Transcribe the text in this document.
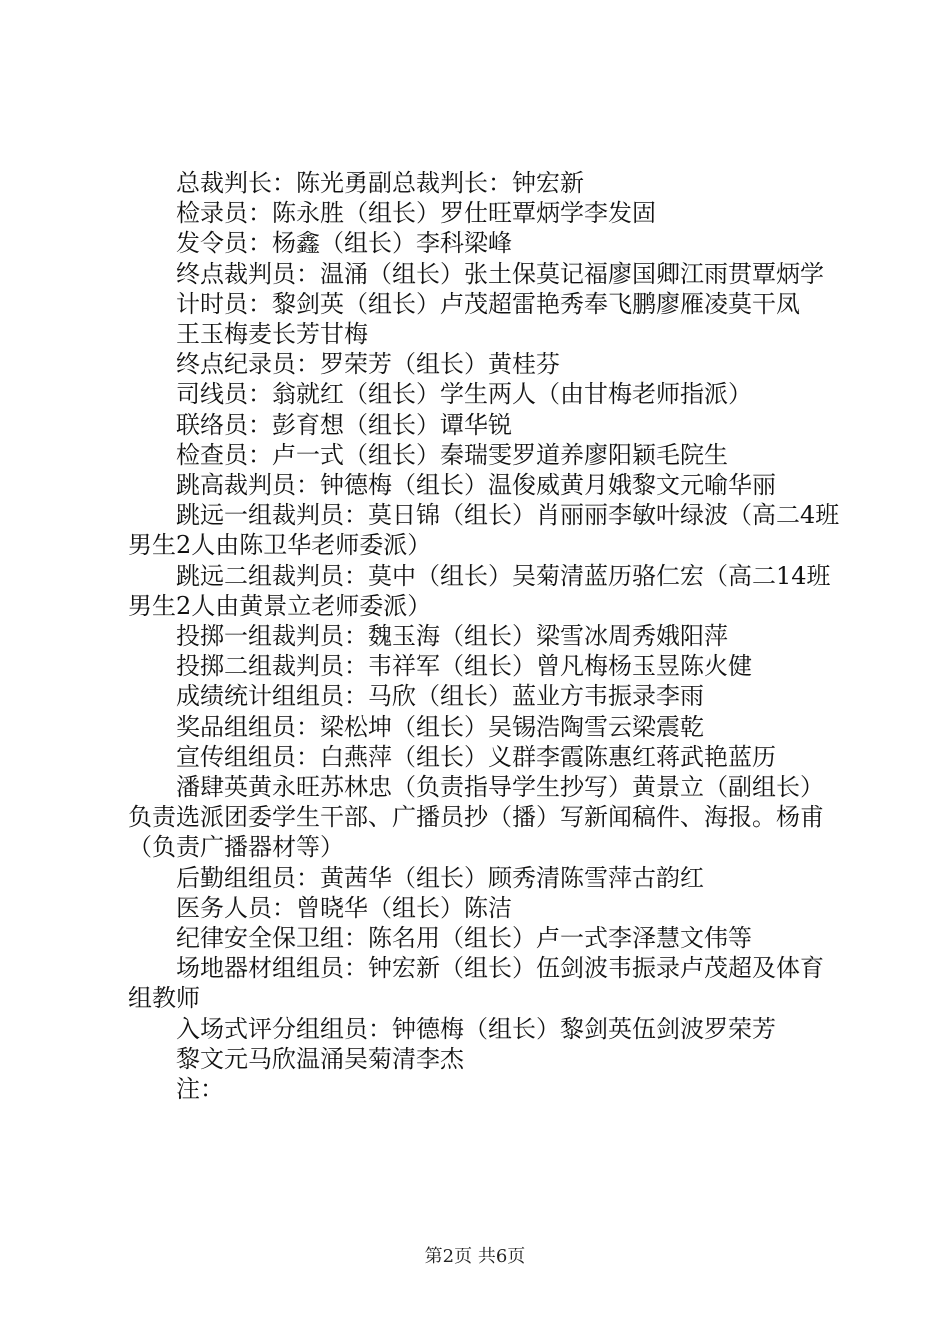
总裁判长：陈光勇副总裁判长：钟宏新

检录员：陈永胜（组长）罗仕旺覃炳学李发固

发令员：杨鑫（组长）李科梁峰

终点裁判员：温涌（组长）张土保莫记福廖国卿江雨贯覃炳学

计时员：黎剑英（组长）卢茂超雷艳秀奉飞鹏廖雁凌莫干凤

王玉梅麦长芳甘梅

终点纪录员：罗荣芳（组长）黄桂芬

司线员：翁就红（组长）学生两人（由甘梅老师指派）

联络员：彭育想（组长）谭华锐

检查员：卢一式（组长）秦瑞雯罗道养廖阳颖毛院生

跳高裁判员：钟德梅（组长）温俊威黄月娥黎文元喻华丽

跳远一组裁判员：莫日锦（组长）肖丽丽李敏叶绿波（高二4班男生2人由陈卫华老师委派）

跳远二组裁判员：莫中（组长）吴菊清蓝历骆仁宏（高二14班男生2人由黄景立老师委派）

投掷一组裁判员：魏玉海（组长）梁雪冰周秀娥阳萍

投掷二组裁判员：韦祥军（组长）曾凡梅杨玉昱陈火健

成绩统计组组员：马欣（组长）蓝业方韦振录李雨

奖品组组员：梁松坤（组长）吴锡浩陶雪云梁震乾

宣传组组员：白燕萍（组长）义群李霞陈惠红蒋武艳蓝历

潘肆英黄永旺苏林忠（负责指导学生抄写）黄景立（副组长）负责选派团委学生干部、广播员抄（播）写新闻稿件、海报。杨甫（负责广播器材等）

后勤组组员：黄茜华（组长）顾秀清陈雪萍古韵红

医务人员：曾晓华（组长）陈洁

纪律安全保卫组：陈名用（组长）卢一式李泽慧文伟等

场地器材组组员：钟宏新（组长）伍剑波韦振录卢茂超及体育组教师

入场式评分组组员：钟德梅（组长）黎剑英伍剑波罗荣芳

黎文元马欣温涌吴菊清李杰

注：

第2页 共6页
